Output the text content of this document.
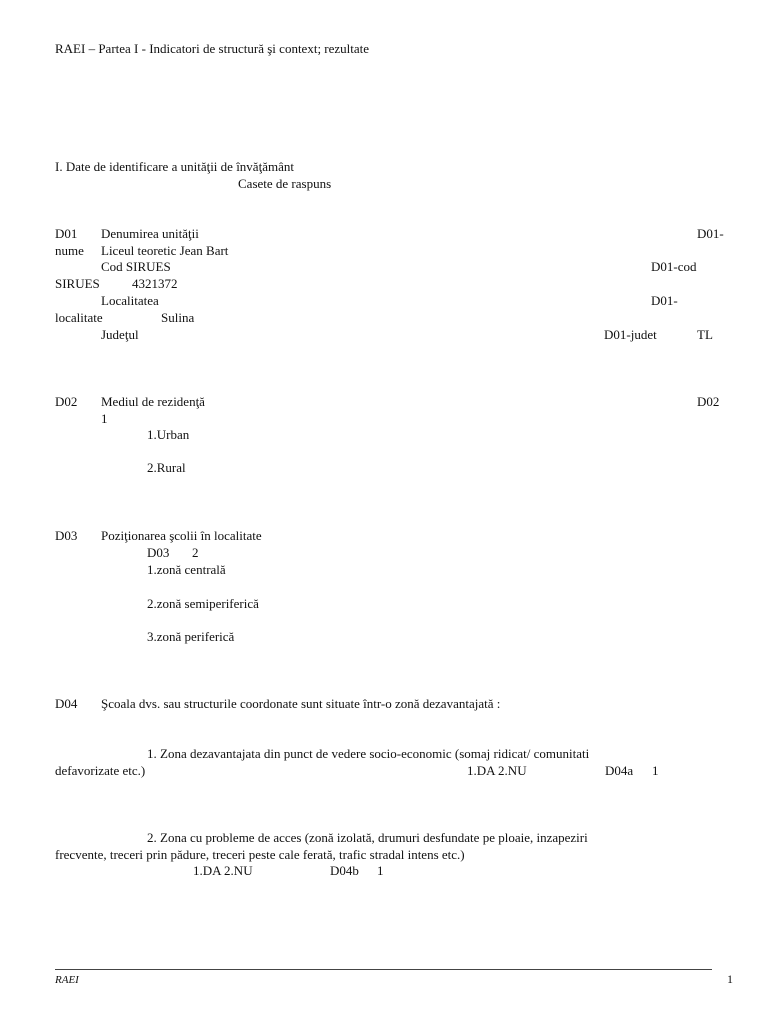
RAEI – Partea I - Indicatori de structură şi context; rezultate
I. Date de identificare a unităţii de învăţământ
Casete de raspuns
D01 Denumirea unităţii	D01-
nume Liceul teoretic Jean Bart
Cod SIRUES	D01-cod
SIRUES 4321372
Localitatea	D01-
localitate	Sulina
Judeţul	D01-judet	TL
D02 Mediul de rezidenţă	D02
1
1.Urban
2.Rural
D03 Poziţionarea şcolii în localitate
D03 2
1.zonă centrală
2.zonă semiperiferică
3.zonă periferică
D04 Şcoala dvs. sau structurile coordonate sunt situate într-o zonă dezavantajată :
1. Zona dezavantajata din punct de vedere socio-economic (somaj ridicat/ comunitati
defavorizate etc.)	1.DA 2.NU	D04a 1
2. Zona cu probleme de acces (zonă izolată, drumuri desfundate pe ploaie, inzapeziri
frecvente, treceri prin pădure, treceri peste cale ferată, trafic stradal intens etc.)
1.DA 2.NU	D04b 1
RAEI	1
